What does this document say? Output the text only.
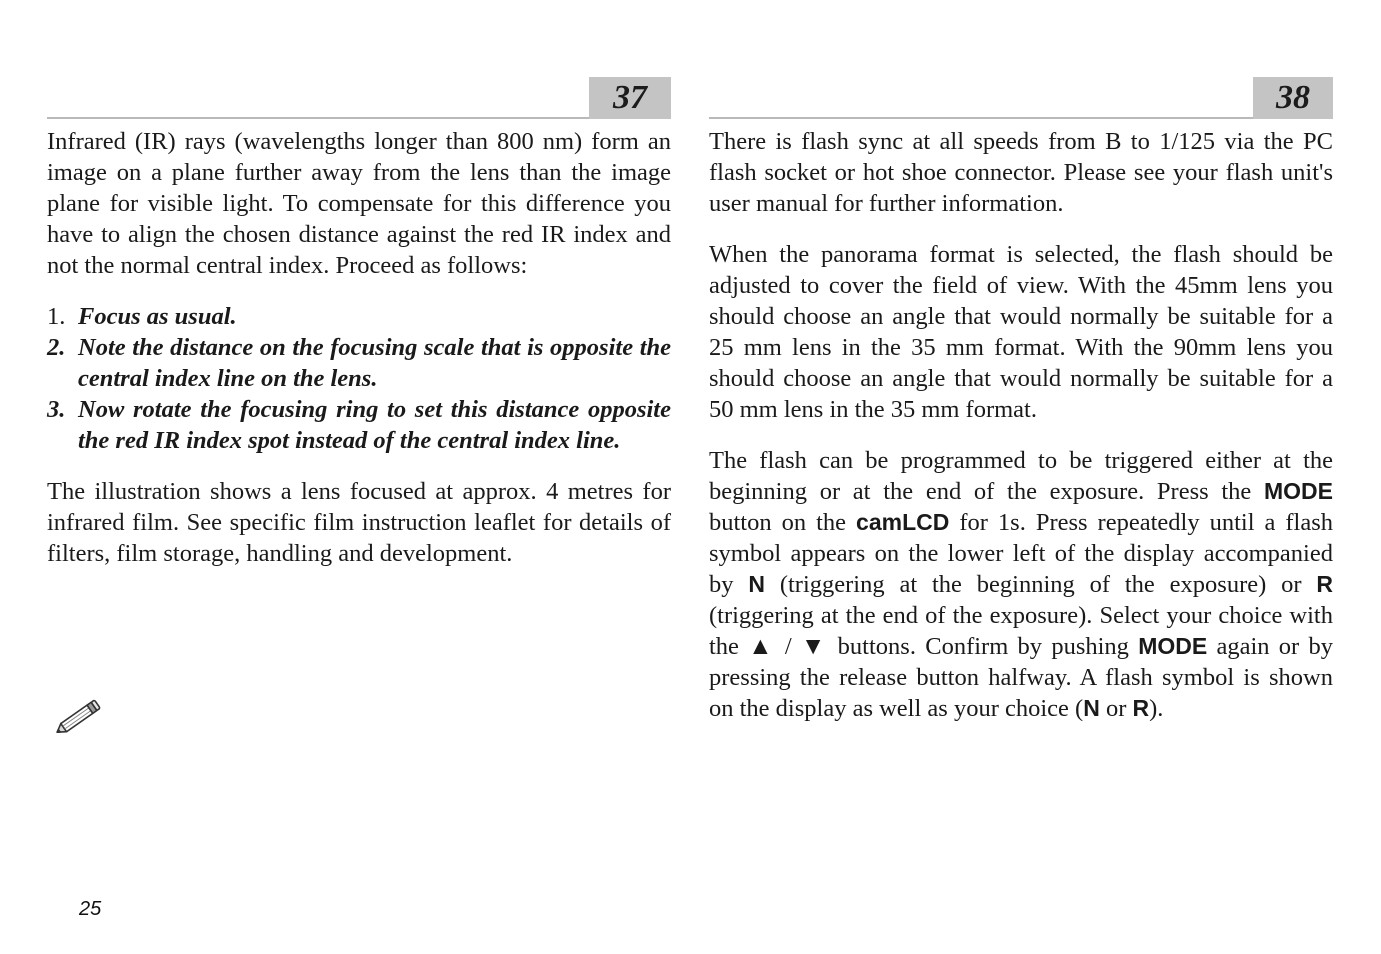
37

Infrared (IR) rays (wavelengths longer than 800 nm) form an image on a plane further away from the lens than the image plane for visible light. To compensate for this difference you have to align the chosen distance against the red IR index and not the normal central index. Proceed as follows:

1. Focus as usual.
2. Note the distance on the focusing scale that is opposite the central index line on the lens.
3. Now rotate the focusing ring to set this distance opposite the red IR index spot instead of the central index line.

The illustration shows a lens focused at approx. 4 metres for infrared film. See specific film instruction leaflet for details of filters, film storage, handling and development.

38

There is flash sync at all speeds from B to 1/125 via the PC flash socket or hot shoe connector. Please see your flash unit's user manual for further information.

When the panorama format is selected, the flash should be adjusted to cover the field of view. With the 45mm lens you should choose an angle that would normally be suitable for a 25 mm lens in the 35 mm format. With the 90mm lens you should choose an angle that would normally be suitable for a 50 mm lens in the 35 mm format.

The flash can be programmed to be triggered either at the beginning or at the end of the exposure. Press the MODE button on the camLCD for 1s. Press repeatedly until a flash symbol appears on the lower left of the display accompanied by N (triggering at the beginning of the exposure) or R (triggering at the end of the exposure). Select your choice with the ▲ / ▼ buttons. Confirm by pushing MODE again or by pressing the release button halfway. A flash symbol is shown on the display as well as your choice (N or R).

25
